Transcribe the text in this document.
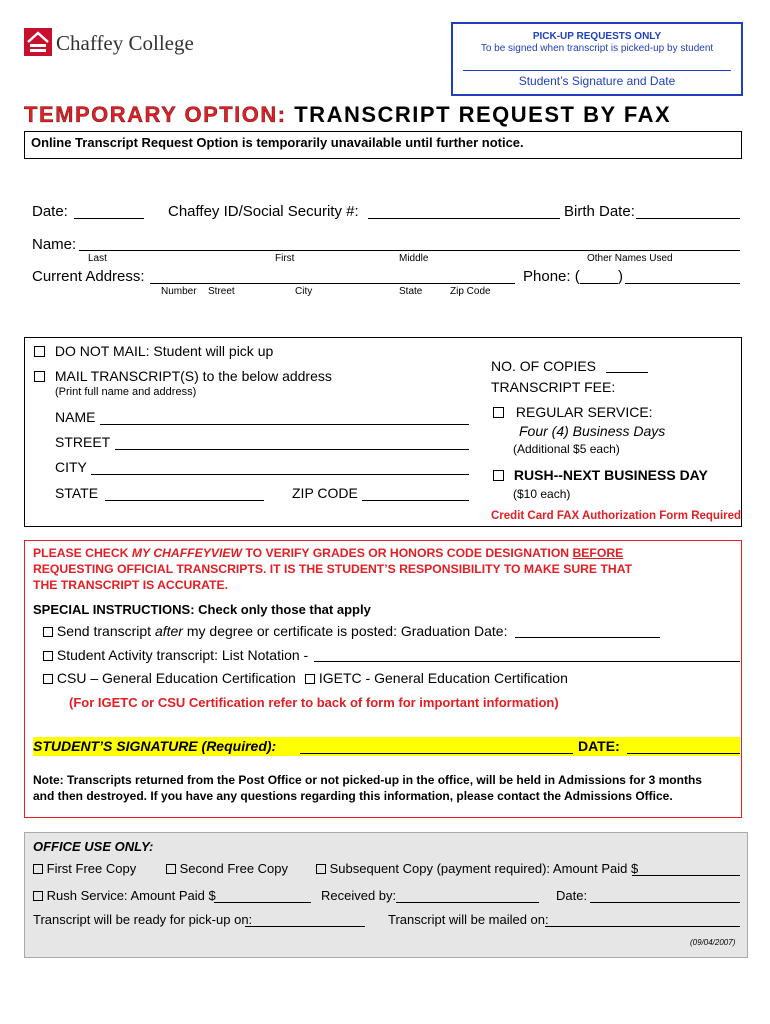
Chaffey College	PICK-UP REQUESTS ONLY
To be signed when transcript is picked-up by student
Student’s Signature and Date
TEMPORARY OPTION: TRANSCRIPT REQUEST BY FAX
Online Transcript Request Option is temporarily unavailable until further notice.
Date:	Chaffey ID/Social Security #:	Birth Date:
Name:
Last	First	Middle	Other Names Used
Current Address:	Phone: (	)
Number Street	City	State	Zip Code
DO NOT MAIL: Student will pick up
MAIL TRANSCRIPT(S) to the below address
(Print full name and address)
NAME
STREET
CITY
STATE	ZIP CODE
NO. OF COPIES
TRANSCRIPT FEE:
REGULAR SERVICE:
Four (4) Business Days
(Additional $5 each)
RUSH--NEXT BUSINESS DAY
($10 each)
Credit Card FAX Authorization Form Required
PLEASE CHECK MY CHAFFEYVIEW TO VERIFY GRADES OR HONORS CODE DESIGNATION BEFORE
REQUESTING OFFICIAL TRANSCRIPTS. IT IS THE STUDENT’S RESPONSIBILITY TO MAKE SURE THAT
THE TRANSCRIPT IS ACCURATE.
SPECIAL INSTRUCTIONS: Check only those that apply
Send transcript after my degree or certificate is posted: Graduation Date:
Student Activity transcript: List Notation -
CSU – General Education Certification	IGETC - General Education Certification
(For IGETC or CSU Certification refer to back of form for important information)
STUDENT’S SIGNATURE (Required):	DATE:
Note: Transcripts returned from the Post Office or not picked-up in the office, will be held in Admissions for 3 months
and then destroyed. If you have any questions regarding this information, please contact the Admissions Office.
OFFICE USE ONLY:
First Free Copy	Second Free Copy	Subsequent Copy (payment required): Amount Paid $
Rush Service: Amount Paid $	Received by:	Date:
Transcript will be ready for pick-up on:	Transcript will be mailed on:
(09/04/2007)
